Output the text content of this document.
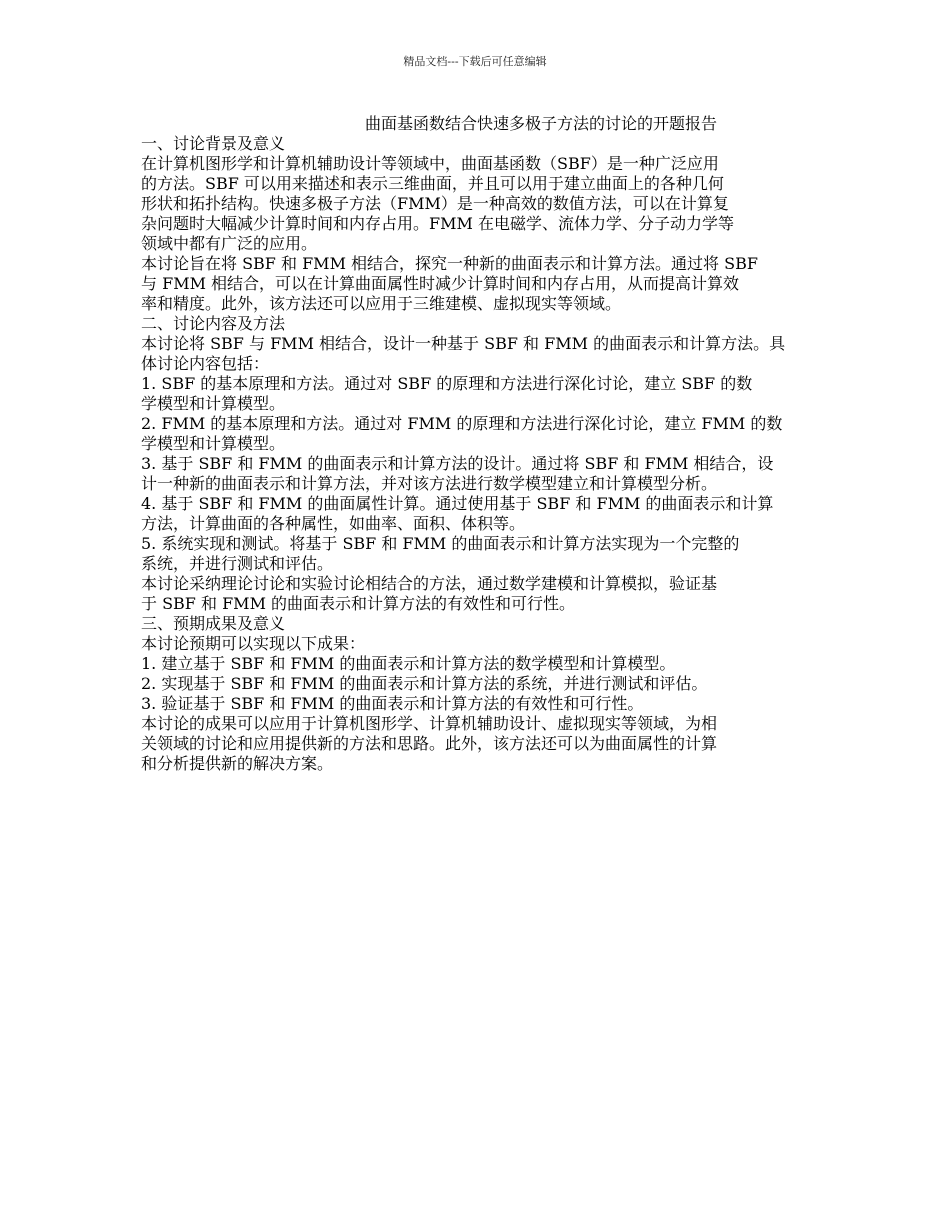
精品文档---下载后可任意编辑
曲面基函数结合快速多极子方法的讨论的开题报告

一、讨论背景及意义

在计算机图形学和计算机辅助设计等领域中，曲面基函数（SBF）是一种广泛应用

的方法。SBF 可以用来描述和表示三维曲面，并且可以用于建立曲面上的各种几何

形状和拓扑结构。快速多极子方法（FMM）是一种高效的数值方法，可以在计算复

杂问题时大幅减少计算时间和内存占用。FMM 在电磁学、流体力学、分子动力学等

领域中都有广泛的应用。

本讨论旨在将 SBF 和 FMM 相结合，探究一种新的曲面表示和计算方法。通过将 SBF

与 FMM 相结合，可以在计算曲面属性时减少计算时间和内存占用，从而提高计算效

率和精度。此外，该方法还可以应用于三维建模、虚拟现实等领域。

二、讨论内容及方法

本讨论将 SBF 与 FMM 相结合，设计一种基于 SBF 和 FMM 的曲面表示和计算方法。具

体讨论内容包括：

1. SBF 的基本原理和方法。通过对 SBF 的原理和方法进行深化讨论，建立 SBF 的数

学模型和计算模型。

2. FMM 的基本原理和方法。通过对 FMM 的原理和方法进行深化讨论，建立 FMM 的数

学模型和计算模型。

3. 基于 SBF 和 FMM 的曲面表示和计算方法的设计。通过将 SBF 和 FMM 相结合，设

计一种新的曲面表示和计算方法，并对该方法进行数学模型建立和计算模型分析。

4. 基于 SBF 和 FMM 的曲面属性计算。通过使用基于 SBF 和 FMM 的曲面表示和计算

方法，计算曲面的各种属性，如曲率、面积、体积等。

5. 系统实现和测试。将基于 SBF 和 FMM 的曲面表示和计算方法实现为一个完整的

系统，并进行测试和评估。

本讨论采纳理论讨论和实验讨论相结合的方法，通过数学建模和计算模拟，验证基

于 SBF 和 FMM 的曲面表示和计算方法的有效性和可行性。

三、预期成果及意义

本讨论预期可以实现以下成果：

1. 建立基于 SBF 和 FMM 的曲面表示和计算方法的数学模型和计算模型。

2. 实现基于 SBF 和 FMM 的曲面表示和计算方法的系统，并进行测试和评估。

3. 验证基于 SBF 和 FMM 的曲面表示和计算方法的有效性和可行性。

本讨论的成果可以应用于计算机图形学、计算机辅助设计、虚拟现实等领域，为相

关领域的讨论和应用提供新的方法和思路。此外，该方法还可以为曲面属性的计算

和分析提供新的解决方案。
